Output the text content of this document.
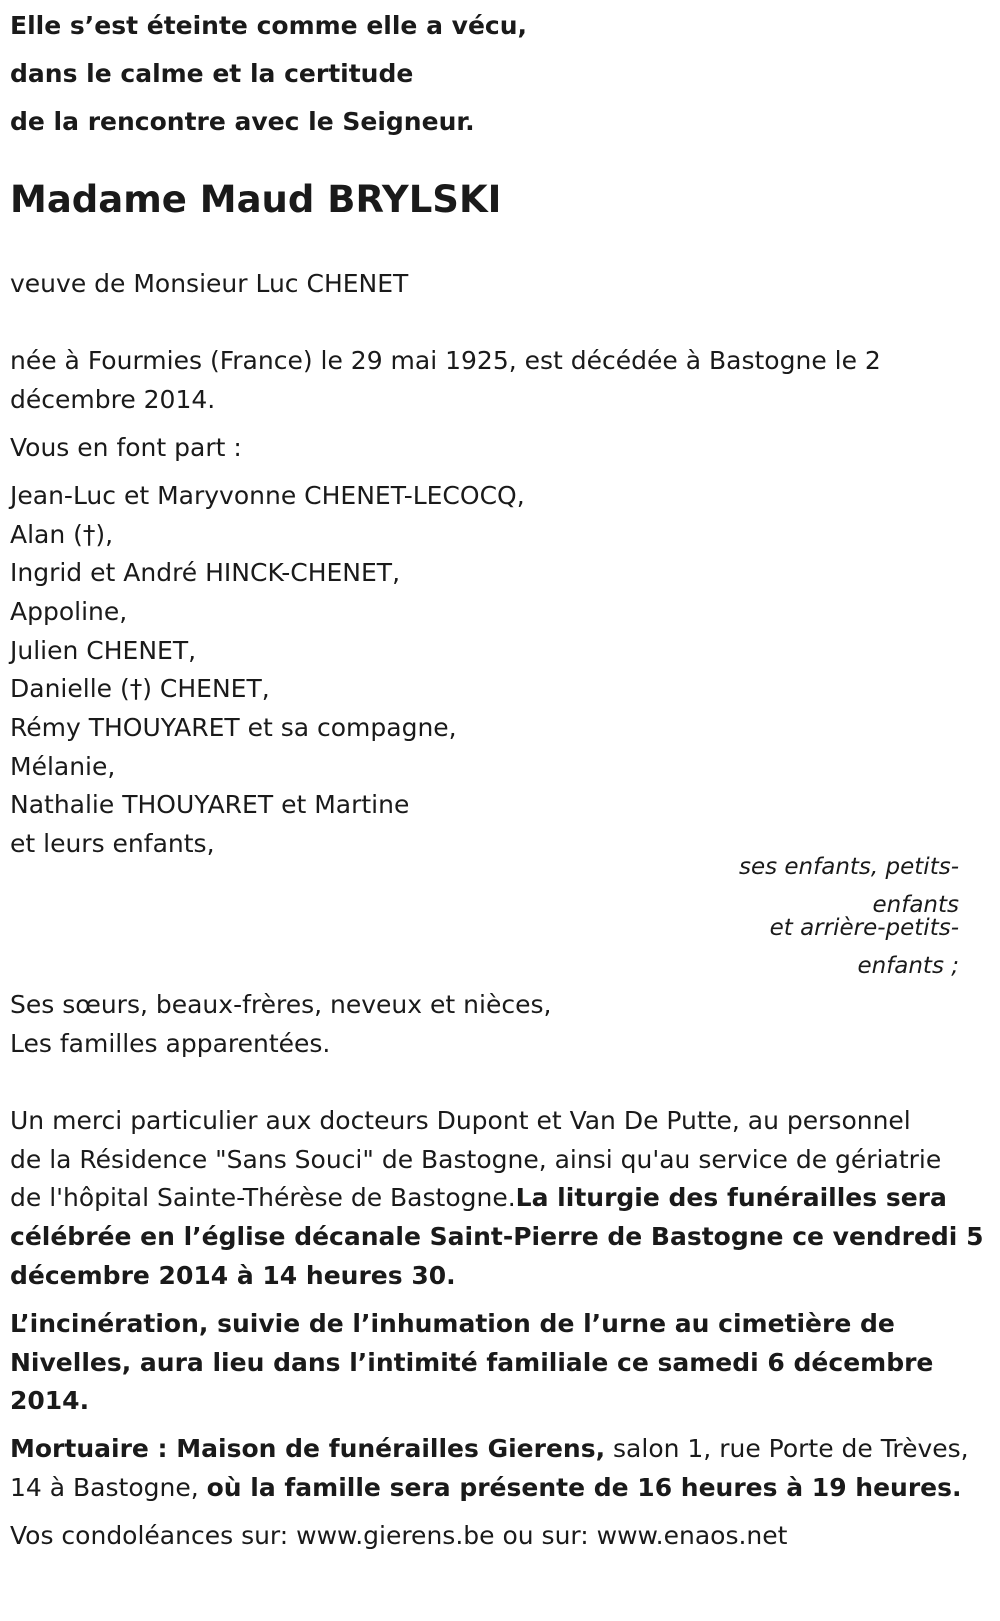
Elle s’est éteinte comme elle a vécu,
dans le calme et la certitude
de la rencontre avec le Seigneur.
Madame Maud BRYLSKI
veuve de Monsieur Luc CHENET
née à Fourmies (France) le 29 mai 1925, est décédée à Bastogne le 2
décembre 2014.
Vous en font part :
Jean-Luc et Maryvonne CHENET-LECOCQ,
Alan (†),
Ingrid et André HINCK-CHENET,
Appoline,
Julien CHENET,
Danielle (†) CHENET,
Rémy THOUYARET et sa compagne,
Mélanie,
Nathalie THOUYARET et Martine
et leurs enfants,
ses enfants, petits-
enfants
et arrière-petits-
enfants ;
Ses sœurs, beaux-frères, neveux et nièces,
Les familles apparentées.
Un merci particulier aux docteurs Dupont et Van De Putte, au personnel
de la Résidence "Sans Souci" de Bastogne, ainsi qu'au service de gériatrie
de l'hôpital Sainte-Thérèse de Bastogne.La liturgie des funérailles sera
célébrée en l’église décanale Saint-Pierre de Bastogne ce vendredi 5
décembre 2014 à 14 heures 30.
L’incinération, suivie de l’inhumation de l’urne au cimetière de
Nivelles, aura lieu dans l’intimité familiale ce samedi 6 décembre
2014.
Mortuaire : Maison de funérailles Gierens, salon 1, rue Porte de Trèves,
14 à Bastogne, où la famille sera présente de 16 heures à 19 heures.
Vos condoléances sur: www.gierens.be ou sur: www.enaos.net
